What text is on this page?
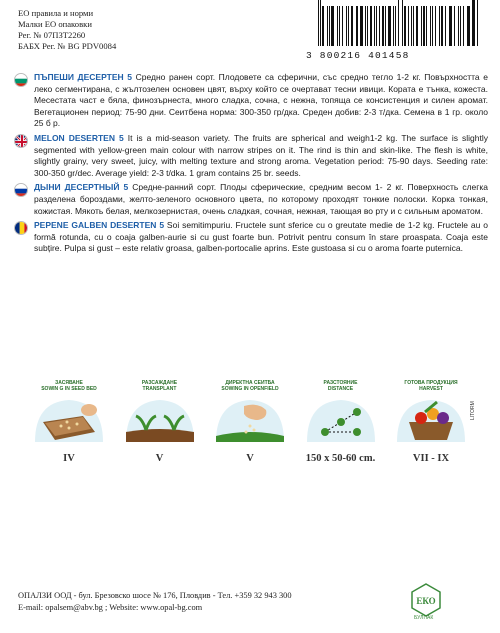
ЕО правила и норми
Малки ЕО опаковки
Рег. № 07ПЗТ2260
БАБХ Рег. № BG PDV0084
3 800216 401458
ПЪПЕШИ ДЕСЕРТЕН 5 Средно ранен сорт. Плодовете са сферични, със средно тегло 1-2 кг. Повърхността е леко сегментирана, с жълтозелен основен цвят, върху който се очертават тесни ивици. Кората е тънка, кожеста. Месестата част е бяла, финозърнеста, много сладка, сочна, с нежна, топяща се консистенция и силен аромат. Вегетационен период: 75-90 дни. Сеитбена норма: 300-350 гр/дка. Среден добив: 2-3 т/дка. Семена в 1 гр. около 25 б р.
MELON DESERTEN 5 It is a mid-season variety. The fruits are spherical and weigh1-2 kg. The surface is slightly segmented with yellow-green main colour with narrow stripes on it. The rind is thin and skin-like. The flesh is white, slightly grainy, very sweet, juicy, with melting texture and strong aroma. Vegetation period: 75-90 days. Seeding rate: 300-350 gr/dec. Average yield: 2-3 t/dka. 1 gram contains 25 br. seeds.
ДЫНИ ДЕСЕРТНЫЙ 5 Средне-ранний сорт. Плоды сферические, средним весом 1- 2 кг. Поверхность слегка разделена бороздами, желто-зеленого основного цвета, по которому проходят тонкие полоски. Корка тонкая, кожистая. Мякоть белая, мелкозернистая, очень сладкая, сочная, нежная, тающая во рту и с сильным ароматом.
PEPENE GALBEN DESERTEN 5 Soi semitimpuriu. Fructele sunt sferice cu o greutate medie de 1-2 kg. Fructele au o formă rotunda, cu o coaja galben-aurie si cu gust foarte bun. Potrivit pentru consum în stare proaspata. Coaja este subțire. Pulpa si gust – este relativ groasa, galben-portocalie aprins. Este gustoasa si cu o aroma foarte puternica.
ЗАСЯВАНЕ
SOWIN G IN SEED BED
IV
РАЗСАЖДАНЕ
TRANSPLANT
V
ДИРЕКТНА СЕИТБА
SOWING IN OPENFIELD
V
РАЗСТОЯНИЕ
DISTANCE
150 x 50-60 cm.
ГОТОВА ПРОДУКЦИЯ
HARVEST
VII - IX
LITORM
ОПАЛЗИ ООД - бул. Брезовско шосе № 176, Пловдив - Тел. +359 32 943 300
E-mail: opalsem@abv.bg ; Website: www.opal-bg.com
ЕКО
БУЛПАК
